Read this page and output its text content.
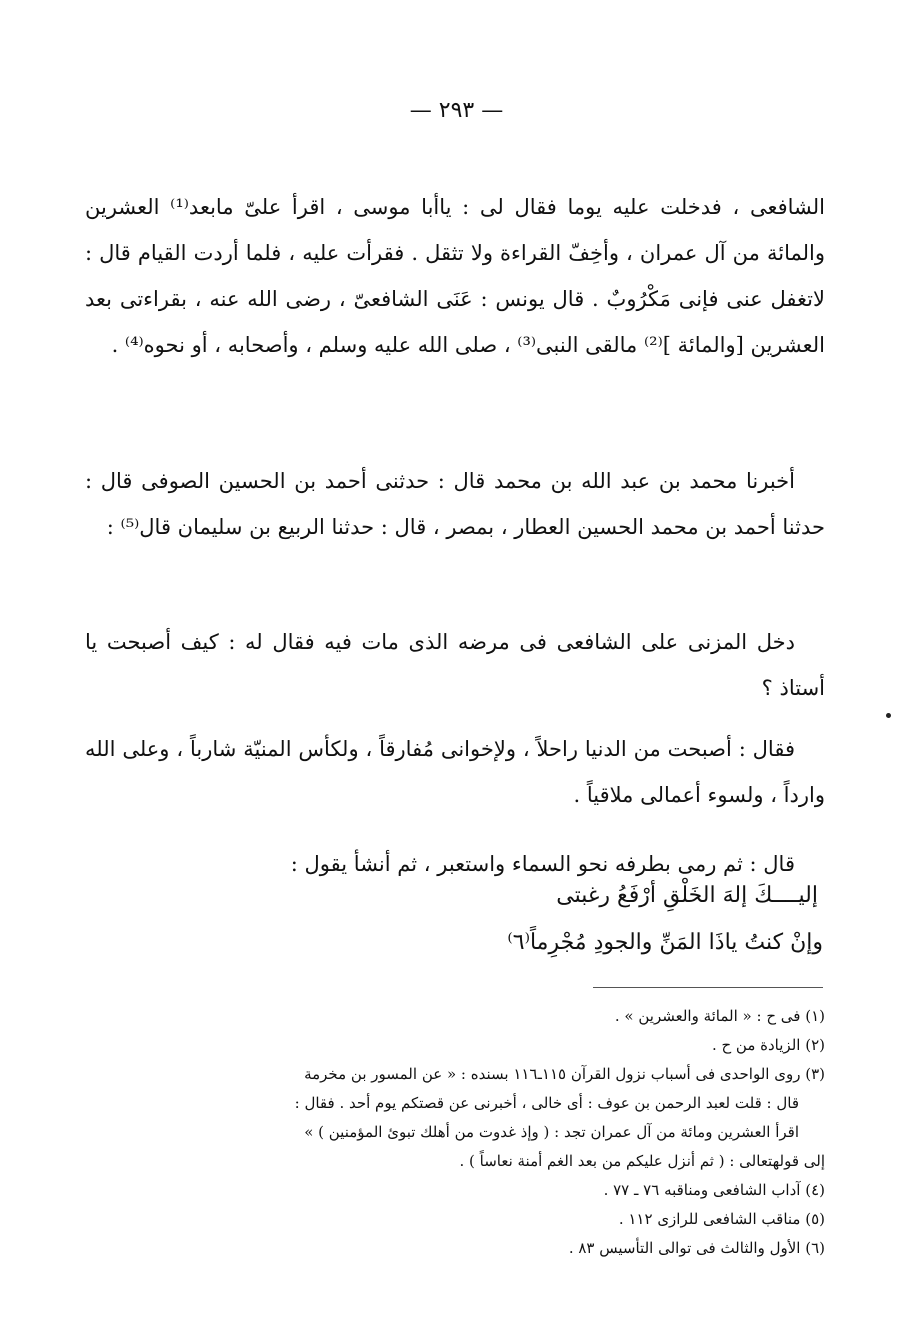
— ٢٩٣ —

الشافعى ، فدخلت عليه يوما فقال لى : ياأبا موسى ، اقرأ علىّ مابعد⁽¹⁾ العشرين والمائة من آل عمران ، وأخِفّ القراءة ولا تثقل . فقرأت عليه ، فلما أردت القيام قال : لاتغفل عنى فإنى مَكْرُوبٌ . قال يونس : عَنَى الشافعىّ ، رضى الله عنه ، بقراءتى بعد العشرين [والمائة ]⁽²⁾ مالقى النبى⁽³⁾ ، صلى الله عليه وسلم ، وأصحابه ، أو نحوه⁽⁴⁾ .

أخبرنا محمد بن عبد الله بن محمد قال : حدثنى أحمد بن الحسين الصوفى قال : حدثنا أحمد بن محمد الحسين العطار ، بمصر ، قال : حدثنا الربيع بن سليمان قال⁽⁵⁾ :

دخل المزنى على الشافعى فى مرضه الذى مات فيه فقال له : كيف أصبحت يا أستاذ ؟

فقال : أصبحت من الدنيا راحلاً ، ولإخوانى مُفارقاً ، ولكأس المنيّة شارباً ، وعلى الله وارداً ، ولسوء أعمالى ملاقياً .

قال : ثم رمى بطرفه نحو السماء واستعبر ، ثم أنشأ يقول :

إليــــكَ إلهَ الخَلْقِ أرْفَعُ رغبتى
وإنْ كنتُ ياذَا المَنِّ والجودِ مُجْرِماً⁽٦⁾

(١) فى ح : « المائة والعشرين » .

(٢) الزيادة من ح .

(٣) روى الواحدى فى أسباب نزول القرآن ١١٥ـ١١٦ بسنده : « عن المسور بن مخرمة

قال : قلت لعبد الرحمن بن عوف : أى خالى ، أخبرنى عن قصتكم يوم أحد . فقال :

اقرأ العشرين ومائة من آل عمران تجد : ( وإذ غدوت من أهلك تبوئ المؤمنين ) »

إلى قولهتعالى : ( ثم أنزل عليكم من بعد الغم أمنة نعاساً ) .

(٤) آداب الشافعى ومناقبه ٧٦ ـ ٧٧ .

(٥) مناقب الشافعى للرازى ١١٢ .

(٦) الأول والثالث فى توالى التأسيس ٨٣ .
